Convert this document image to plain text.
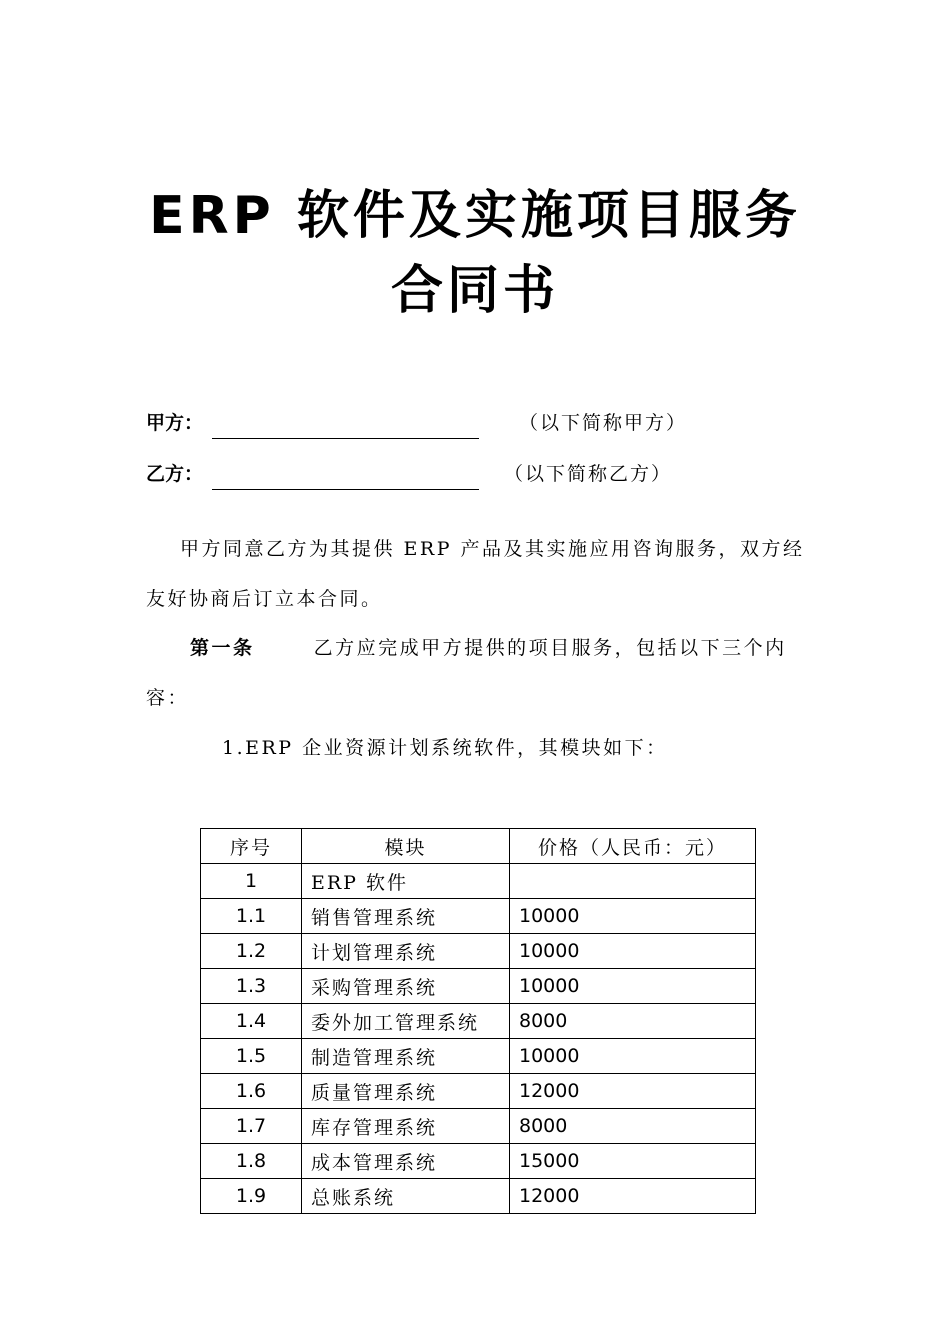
ERP 软件及实施项目服务
合同书
甲方：	（以下简称甲方）
乙方：	（以下简称乙方）
甲方同意乙方为其提供 ERP 产品及其实施应用咨询服务，双方经
友好协商后订立本合同。
第一条	乙方应完成甲方提供的项目服务，包括以下三个内
容：
1.ERP 企业资源计划系统软件，其模块如下：
序号	模块	价格（人民币：元）
1	ERP 软件	
1.1	销售管理系统	10000
1.2	计划管理系统	10000
1.3	采购管理系统	10000
1.4	委外加工管理系统	8000
1.5	制造管理系统	10000
1.6	质量管理系统	12000
1.7	库存管理系统	8000
1.8	成本管理系统	15000
1.9	总账系统	12000
